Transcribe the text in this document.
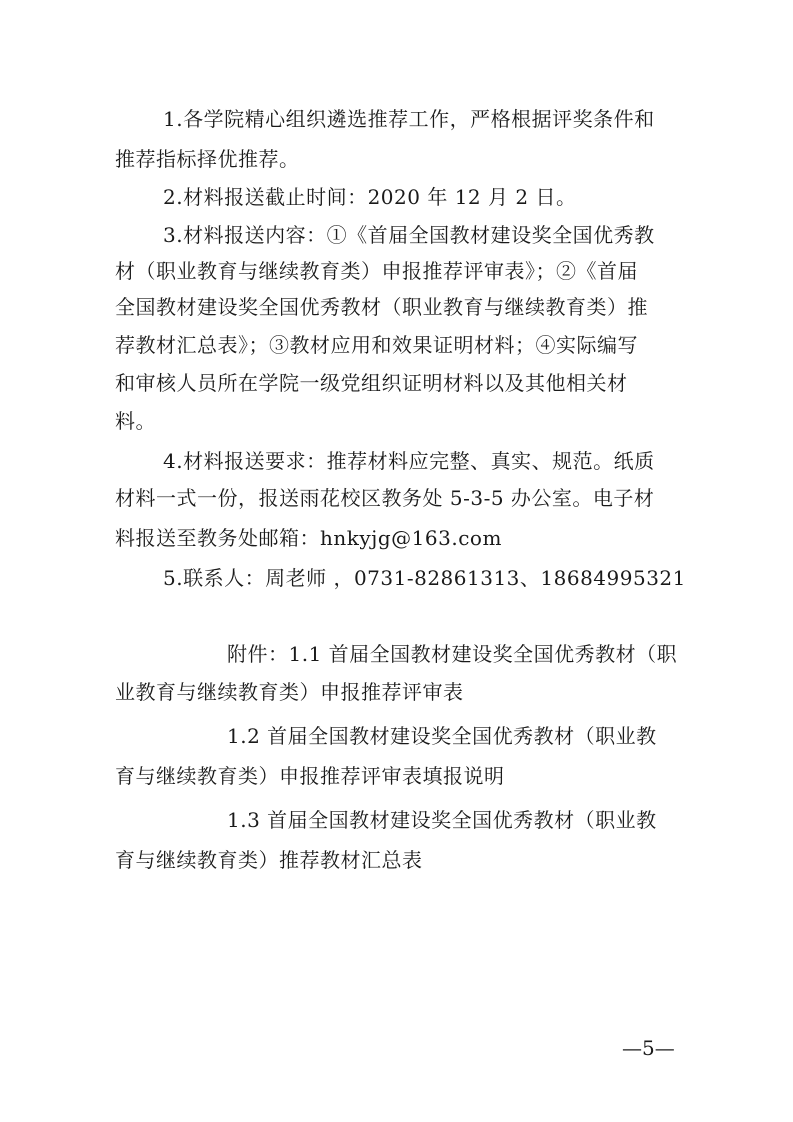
1.各学院精心组织遴选推荐工作，严格根据评奖条件和
推荐指标择优推荐。
2.材料报送截止时间：2020 年 12 月 2 日。
3.材料报送内容：①《首届全国教材建设奖全国优秀教
材（职业教育与继续教育类）申报推荐评审表》；②《首届
全国教材建设奖全国优秀教材（职业教育与继续教育类）推
荐教材汇总表》；③教材应用和效果证明材料；④实际编写
和审核人员所在学院一级党组织证明材料以及其他相关材
料。
4.材料报送要求：推荐材料应完整、真实、规范。纸质
材料一式一份，报送雨花校区教务处 5-3-5 办公室。电子材
料报送至教务处邮箱：hnkyjg@163.com
5.联系人：周老师 ，0731-82861313、18684995321
附件：1.1 首届全国教材建设奖全国优秀教材（职
业教育与继续教育类）申报推荐评审表
1.2 首届全国教材建设奖全国优秀教材（职业教
育与继续教育类）申报推荐评审表填报说明
1.3 首届全国教材建设奖全国优秀教材（职业教
育与继续教育类）推荐教材汇总表
—5—
